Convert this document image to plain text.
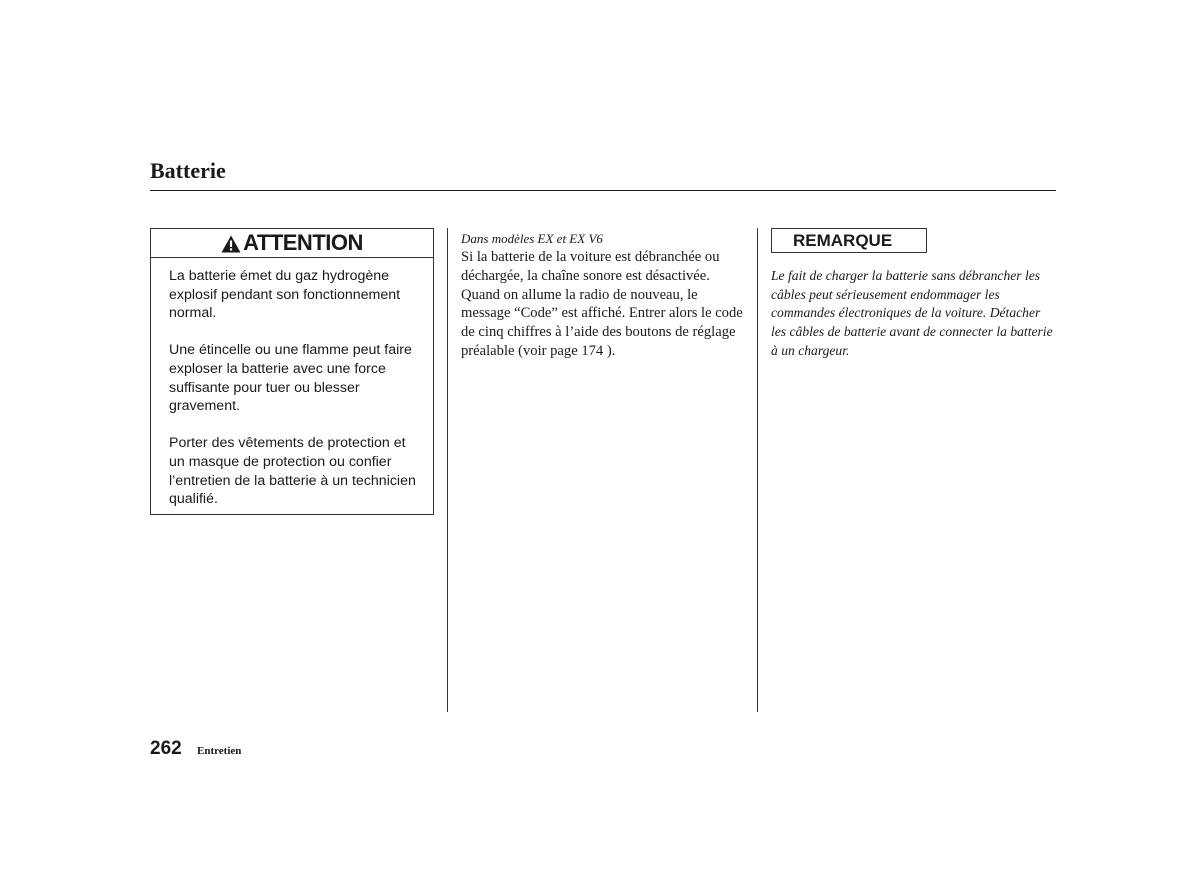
Batterie
ATTENTION

La batterie émet du gaz hydrogène explosif pendant son fonctionnement normal.

Une étincelle ou une flamme peut faire exploser la batterie avec une force suffisante pour tuer ou blesser gravement.

Porter des vêtements de protection et un masque de protection ou confier l’entretien de la batterie à un technicien qualifié.

Dans modèles EX et EX V6

Si la batterie de la voiture est débranchée ou déchargée, la chaîne sonore est désactivée. Quand on allume la radio de nouveau, le message “Code” est affiché. Entrer alors le code de cinq chiffres à l’aide des boutons de réglage préalable (voir page 174 ).

REMARQUE

Le fait de charger la batterie sans débrancher les câbles peut sérieusement endommager les commandes électroniques de la voiture. Détacher les câbles de batterie avant de connecter la batterie à un chargeur.

262 Entretien
